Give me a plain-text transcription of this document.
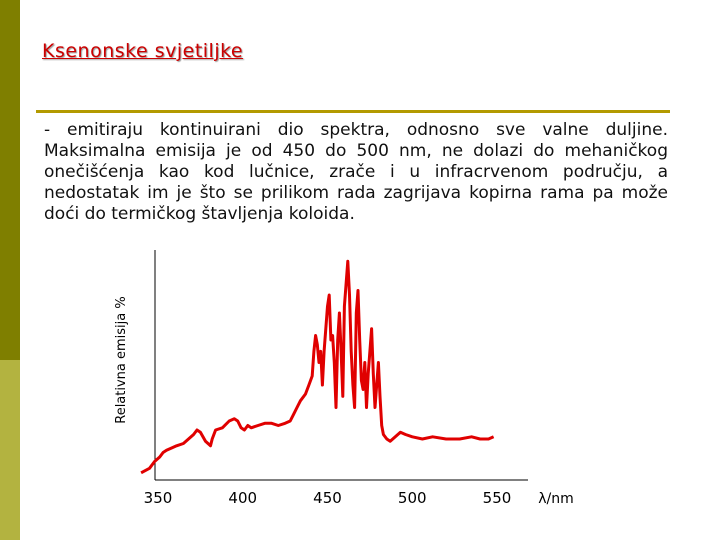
Ksenonske svjetiljke

- emitiraju kontinuirani dio spektra, odnosno sve valne duljine. Maksimalna emisija je od 450 do 500 nm, ne dolazi do mehaničkog onečišćenja kao kod lučnice, zrače i u infracrvenom području, a nedostatak im je što se prilikom rada zagrijava kopirna rama pa može doći do termičkog štavljenja koloida.

Relativna emisija %
λ/nm
350	400	450	500	550
